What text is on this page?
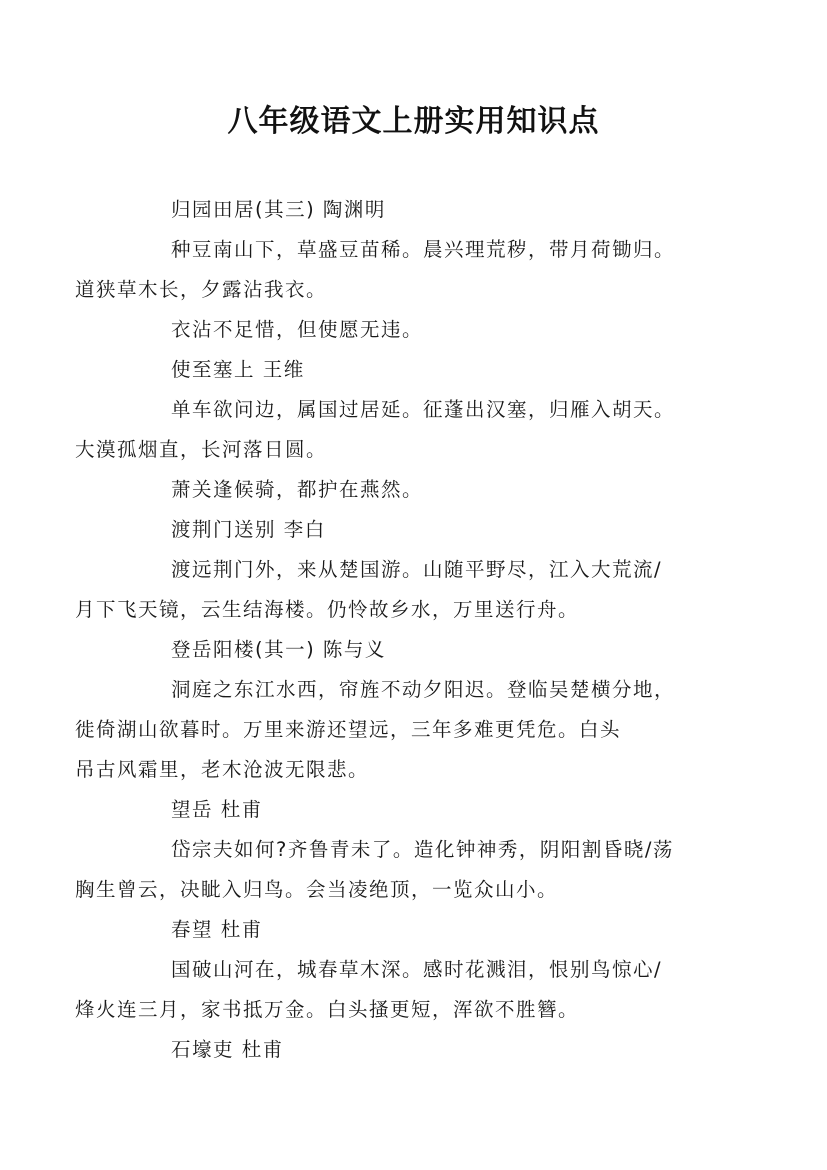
八年级语文上册实用知识点

归园田居(其三) 陶渊明

种豆南山下，草盛豆苗稀。晨兴理荒秽，带月荷锄归。
道狭草木长，夕露沾我衣。

衣沾不足惜，但使愿无违。

使至塞上 王维

单车欲问边，属国过居延。征蓬出汉塞，归雁入胡天。
大漠孤烟直，长河落日圆。

萧关逢候骑，都护在燕然。

渡荆门送别 李白

渡远荆门外，来从楚国游。山随平野尽，江入大荒流/
月下飞天镜，云生结海楼。仍怜故乡水，万里送行舟。

登岳阳楼(其一) 陈与义

洞庭之东江水西，帘旌不动夕阳迟。登临吴楚横分地，
徙倚湖山欲暮时。万里来游还望远，三年多难更凭危。白头
吊古风霜里，老木沧波无限悲。

望岳 杜甫

岱宗夫如何?齐鲁青未了。造化钟神秀，阴阳割昏晓/荡
胸生曾云，决眦入归鸟。会当凌绝顶，一览众山小。

春望 杜甫

国破山河在，城春草木深。感时花溅泪，恨别鸟惊心/
烽火连三月，家书抵万金。白头搔更短，浑欲不胜簪。

石壕吏 杜甫
